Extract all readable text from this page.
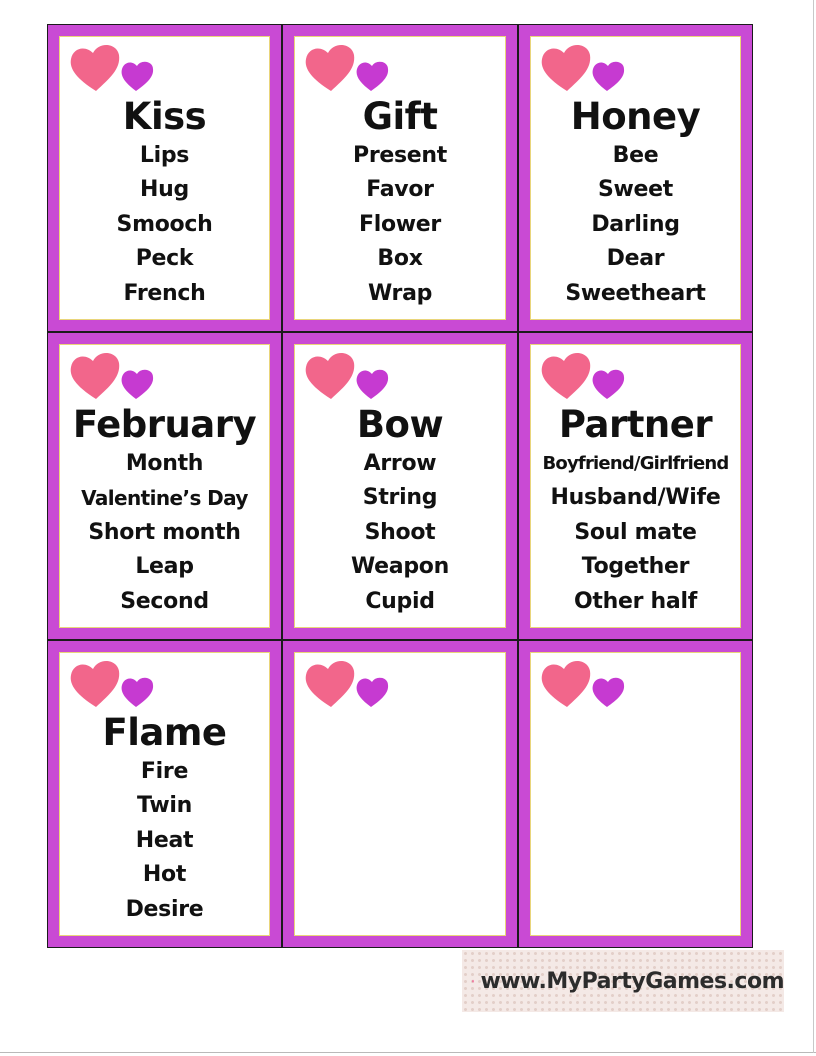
Kiss
Lips
Hug
Smooch
Peck
French
Gift
Present
Favor
Flower
Box
Wrap
Honey
Bee
Sweet
Darling
Dear
Sweetheart
February
Month
Valentine’s Day
Short month
Leap
Second
Bow
Arrow
String
Shoot
Weapon
Cupid
Partner
Boyfriend/Girlfriend
Husband/Wife
Soul mate
Together
Other half
Flame
Fire
Twin
Heat
Hot
Desire
www.MyPartyGames.com
